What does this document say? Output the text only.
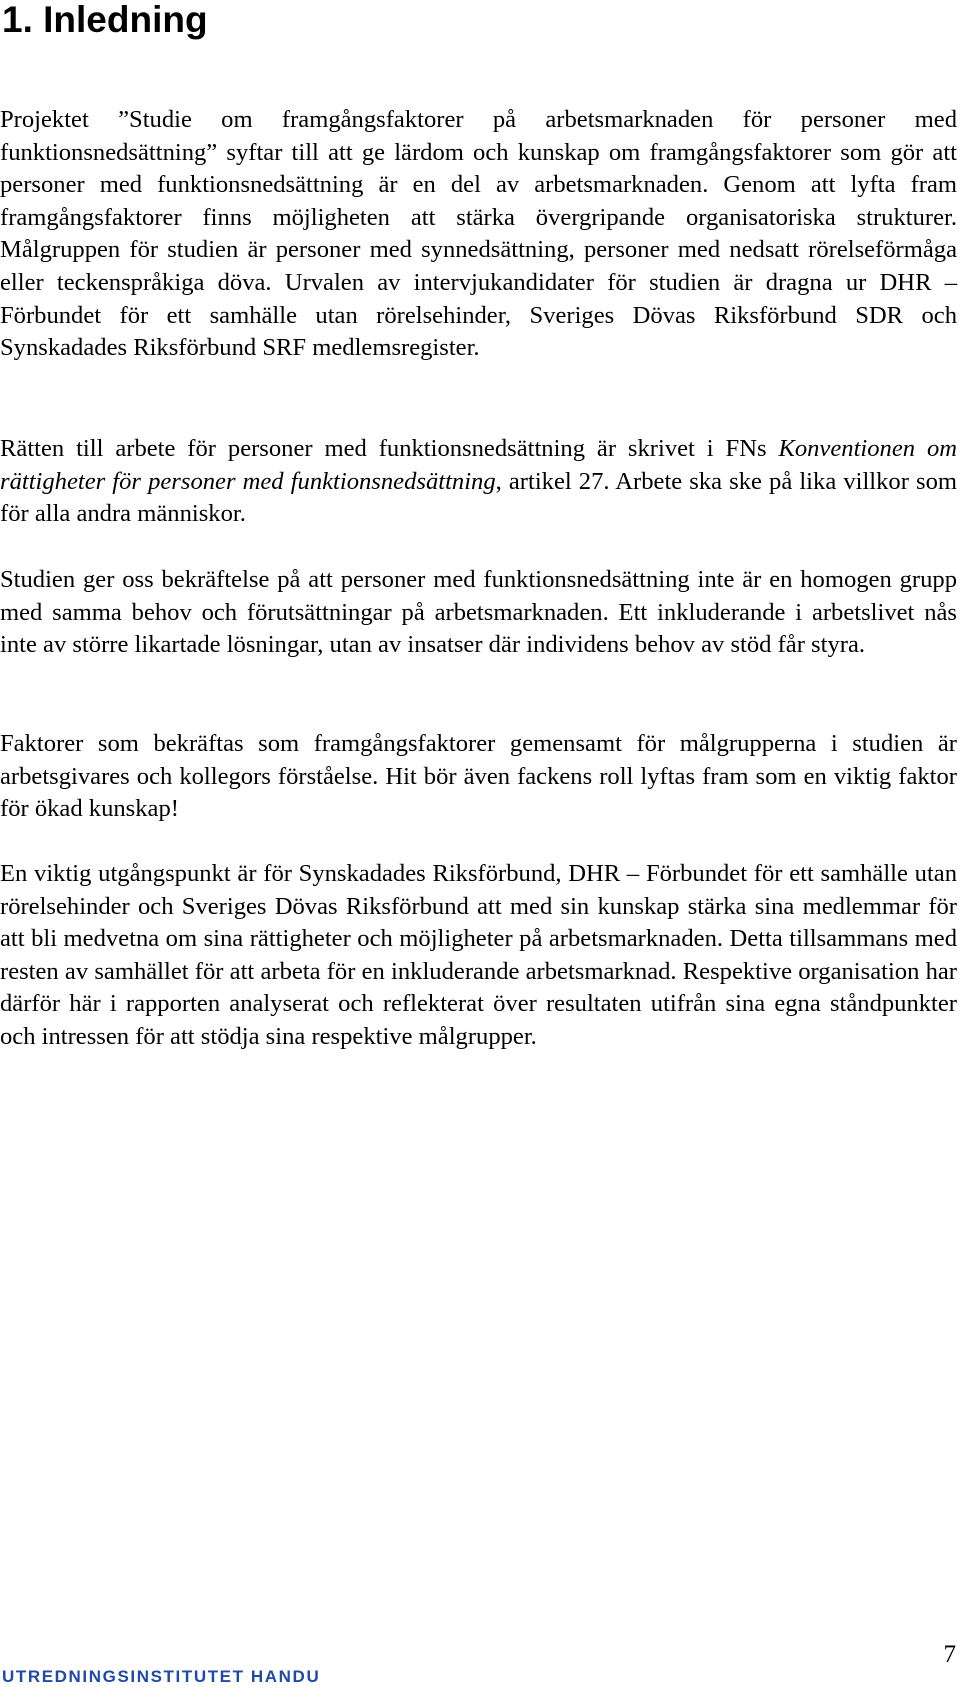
1. Inledning

Projektet ”Studie om framgångsfaktorer på arbetsmarknaden för personer med funktionsnedsättning” syftar till att ge lärdom och kunskap om framgångsfaktorer som gör att personer med funktionsnedsättning är en del av arbetsmarknaden. Genom att lyfta fram framgångsfaktorer finns möjligheten att stärka övergripande organisatoriska strukturer. Målgruppen för studien är personer med synnedsättning, personer med nedsatt rörelseförmåga eller teckenspråkiga döva. Urvalen av intervjukandidater för studien är dragna ur DHR – Förbundet för ett samhälle utan rörelsehinder, Sveriges Dövas Riksförbund SDR och Synskadades Riksförbund SRF medlemsregister.

Rätten till arbete för personer med funktionsnedsättning är skrivet i FNs Konventionen om rättigheter för personer med funktionsnedsättning, artikel 27. Arbete ska ske på lika villkor som för alla andra människor.

Studien ger oss bekräftelse på att personer med funktionsnedsättning inte är en homogen grupp med samma behov och förutsättningar på arbetsmarknaden. Ett inkluderande i arbetslivet nås inte av större likartade lösningar, utan av insatser där individens behov av stöd får styra.

Faktorer som bekräftas som framgångsfaktorer gemensamt för målgrupperna i studien är arbetsgivares och kollegors förståelse. Hit bör även fackens roll lyftas fram som en viktig faktor för ökad kunskap!

En viktig utgångspunkt är för Synskadades Riksförbund, DHR – Förbundet för ett samhälle utan rörelsehinder och Sveriges Dövas Riksförbund att med sin kunskap stärka sina medlemmar för att bli medvetna om sina rättigheter och möjligheter på arbetsmarknaden. Detta tillsammans med resten av samhället för att arbeta för en inkluderande arbetsmarknad. Respektive organisation har därför här i rapporten analyserat och reflekterat över resultaten utifrån sina egna ståndpunkter och intressen för att stödja sina respektive målgrupper.

7
UTREDNINGSINSTITUTET HANDU
